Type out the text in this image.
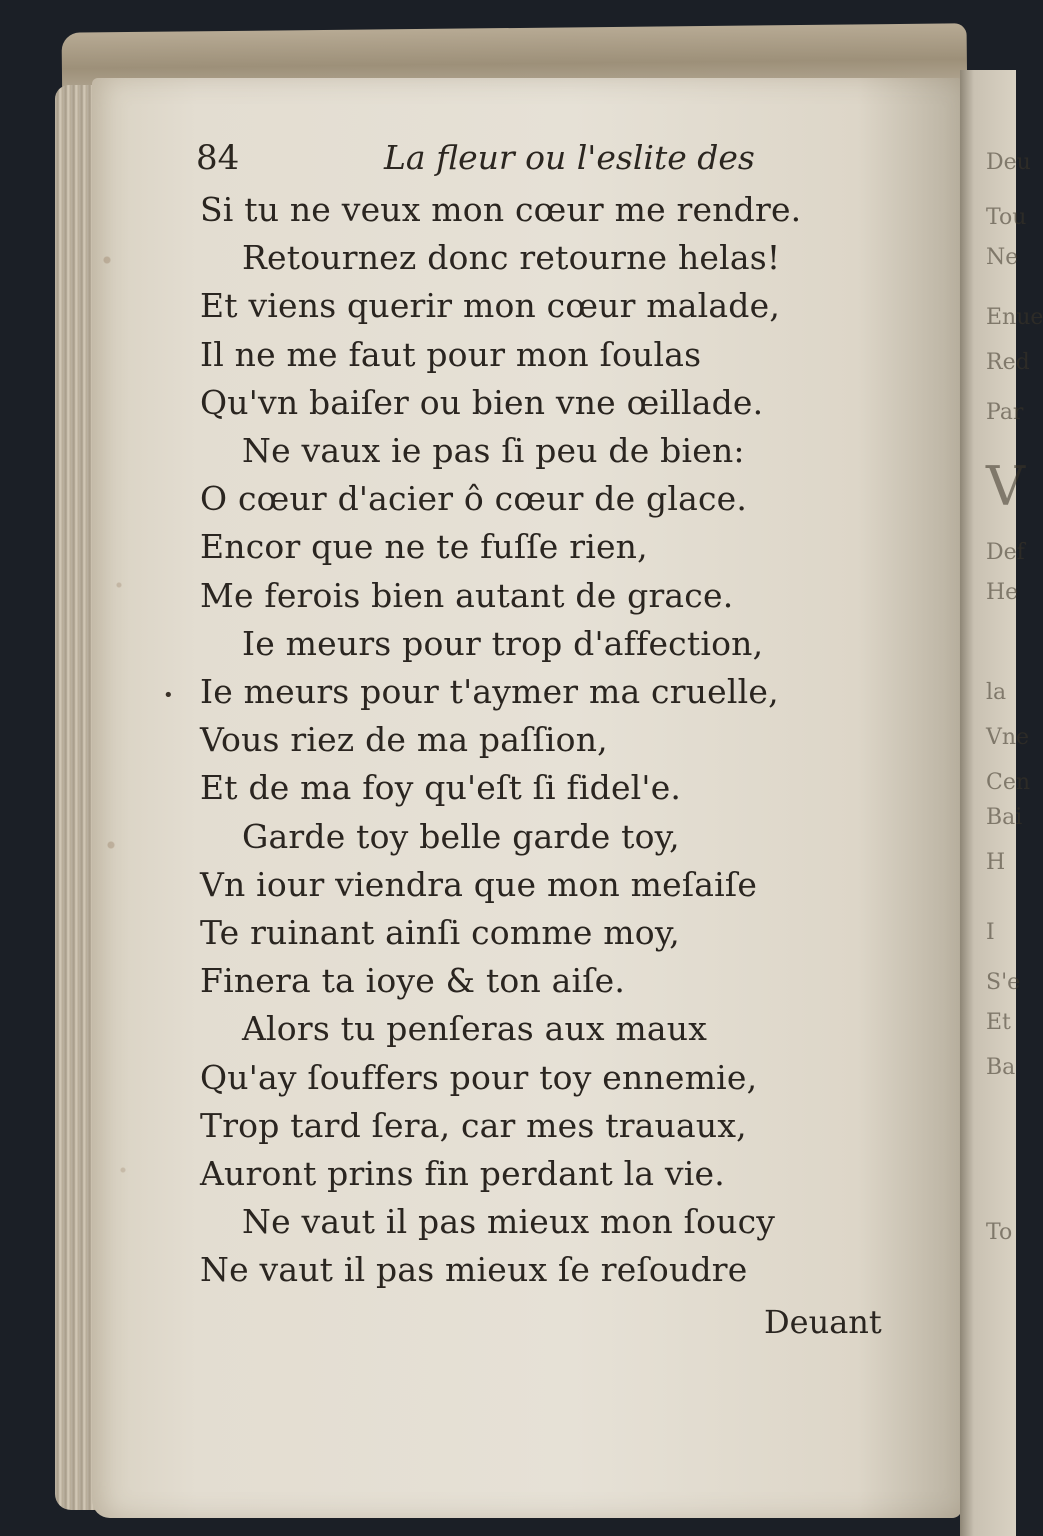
Deu
Tou
Ne
Enue
Red
Par
V
Def
He
la
Vne
Cen
Bai
H
I
S'e
Et
Ba
To
84	La fleur ou l'eslite des
Si tu ne veux mon cœur me rendre.
Retournez donc retourne helas!
Et viens querir mon cœur malade,
Il ne me faut pour mon ſoulas
Qu'vn baiſer ou bien vne œillade.
Ne vaux ie pas ſi peu de bien:
O cœur d'acier ô cœur de glace.
Encor que ne te fuſſe rien,
Me ferois bien autant de grace.
Ie meurs pour trop d'affection,
Ie meurs pour t'aymer ma cruelle,
Vous riez de ma paſſion,
Et de ma foy qu'eſt ſi fidel'e.
Garde toy belle garde toy,
Vn iour viendra que mon meſaiſe
Te ruinant ainſi comme moy,
Finera ta ioye & ton aiſe.
Alors tu penſeras aux maux
Qu'ay ſouffers pour toy ennemie,
Trop tard ſera, car mes trauaux,
Auront prins fin perdant la vie.
Ne vaut il pas mieux mon ſoucy
Ne vaut il pas mieux ſe reſoudre
•
Deuant
